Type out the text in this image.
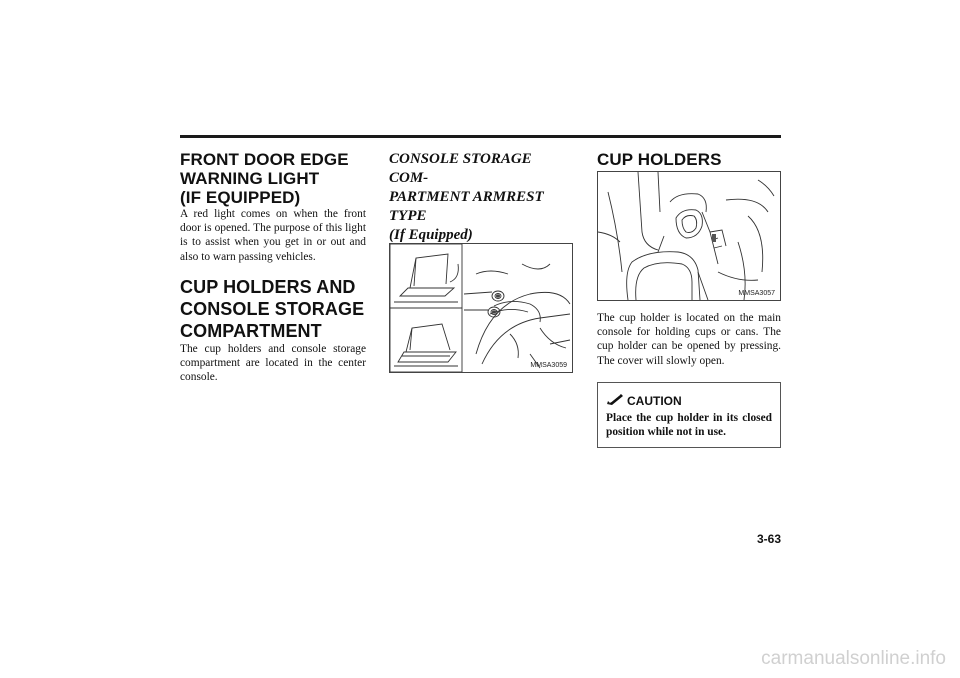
FRONT DOOR EDGE
WARNING LIGHT
(IF EQUIPPED)

A red light comes on when the front door is opened. The purpose of this light is to assist when you get in or out and also to warn passing vehicles.

CUP HOLDERS AND
CONSOLE STORAGE
COMPARTMENT

The cup holders and console storage compartment are located in the center console.

CONSOLE STORAGE COM-
PARTMENT ARMREST TYPE
(If Equipped)
MMSA3059
CUP HOLDERS
MMSA3057

The cup holder is located on the main console for holding cups or cans. The cup holder can be opened by pressing. The cover will slowly open.

CAUTION

Place the cup holder in its closed position while not in use.

3-63
carmanualsonline.info
